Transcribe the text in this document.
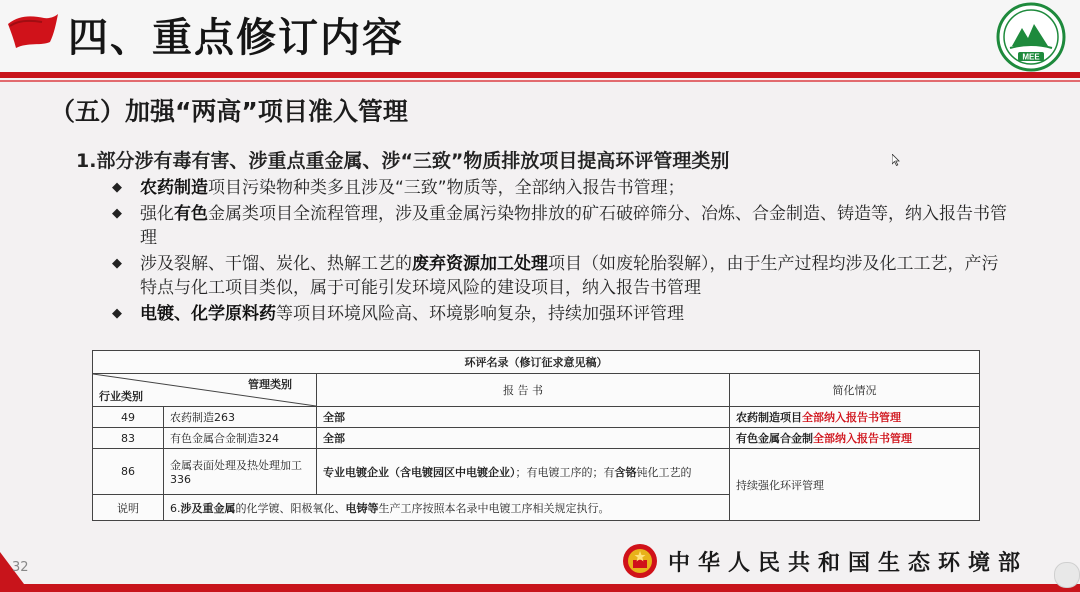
四、重点修订内容	MEE
（五）加强“两高”项目准入管理
1.部分涉有毒有害、涉重点重金属、涉“三致”物质排放项目提高环评管理类别
◆ 农药制造项目污染物种类多且涉及“三致”物质等，全部纳入报告书管理；
◆ 强化有色金属类项目全流程管理，涉及重金属污染物排放的矿石破碎筛分、冶炼、合金制造、铸造等，纳入报告书管理
◆ 涉及裂解、干馏、炭化、热解工艺的废弃资源加工处理项目（如废轮胎裂解），由于生产过程均涉及化工工艺，产污特点与化工项目类似，属于可能引发环境风险的建设项目，纳入报告书管理
◆ 电镀、化学原料药等项目环境风险高、环境影响复杂，持续加强环评管理
环评名录（修订征求意见稿）			

管理类别
行业类别		报 告 书	简化情况
49	农药制造263	全部	农药制造项目全部纳入报告书管理
83	有色金属合金制造324	全部	有色金属合金制全部纳入报告书管理
86	金属表面处理及热处理加工336	专业电镀企业（含电镀园区中电镀企业）；有电镀工序的；有含铬钝化工艺的	持续强化环评管理
说明	6.涉及重金属的化学镀、阳极氧化、电铸等生产工序按照本名录中电镀工序相关规定执行。		
32	中华人民共和国生态环境部
